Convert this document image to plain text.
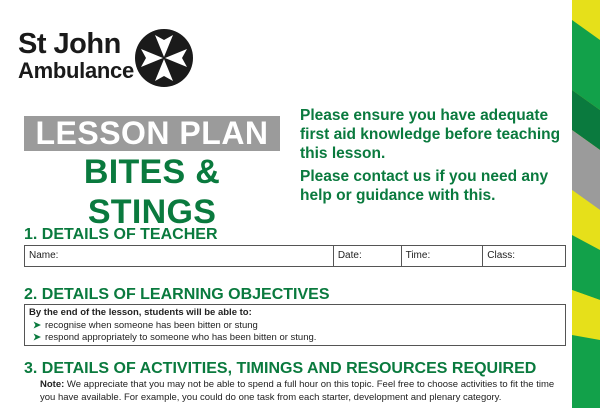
St John
Ambulance
LESSON PLAN
BITES & STINGS

Please ensure you have adequate first aid knowledge before teaching this lesson.

Please contact us if you need any help or guidance with this.

1. DETAILS OF TEACHER
Name:	Date:	Time:	Class:
2. DETAILS OF LEARNING OBJECTIVES
By the end of the lesson, students will be able to:
➤ recognise when someone has been bitten or stung
➤ respond appropriately to someone who has been bitten or stung.
3. DETAILS OF ACTIVITIES, TIMINGS AND RESOURCES REQUIRED
Note: We appreciate that you may not be able to spend a full hour on this topic. Feel free to choose activities to fit the time you have available. For example, you could do one task from each starter, development and plenary category.
